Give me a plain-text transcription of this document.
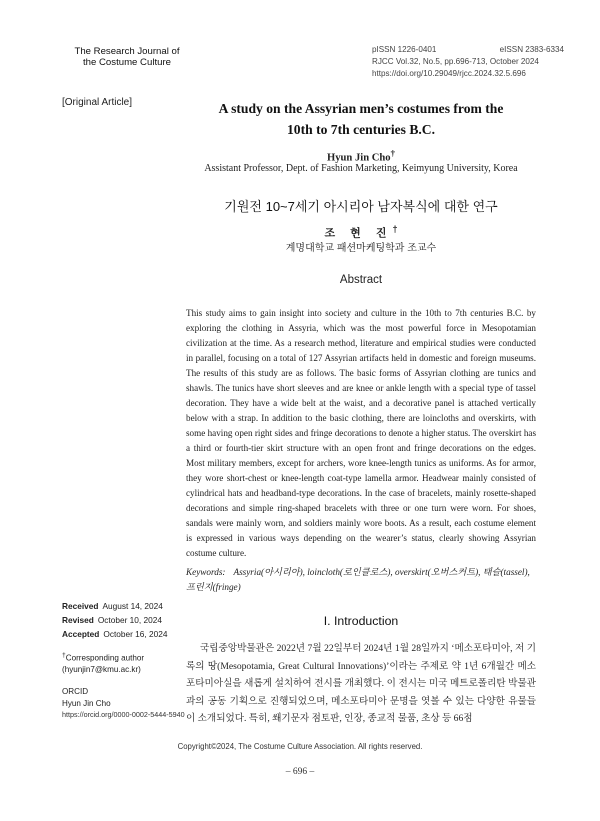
The Research Journal of
the Costume Culture
pISSN 1226-0401	eISSN 2383-6334
RJCC Vol.32, No.5, pp.696-713, October 2024
https://doi.org/10.29049/rjcc.2024.32.5.696
[Original Article]	A study on the Assyrian men’s costumes from the
10th to 7th centuries B.C.
Hyun Jin Cho†
Assistant Professor, Dept. of Fashion Marketing, Keimyung University, Korea
기원전 10~7세기 아시리아 남자복식에 대한 연구
조 현 진†
계명대학교 패션마케팅학과 조교수
Abstract
This study aims to gain insight into society and culture in the 10th to 7th centuries B.C. by exploring the clothing in Assyria, which was the most powerful force in Mesopotamian civilization at the time. As a research method, literature and empirical studies were conducted in parallel, focusing on a total of 127 Assyrian artifacts held in domestic and foreign museums. The results of this study are as follows. The basic forms of Assyrian clothing are tunics and shawls. The tunics have short sleeves and are knee or ankle length with a special type of tassel decoration. They have a wide belt at the waist, and a decorative panel is attached vertically below with a strap. In addition to the basic clothing, there are loincloths and overskirts, with some having open right sides and fringe decorations to denote a higher status. The overskirt has a third or fourth-tier skirt structure with an open front and fringe decorations on the edges. Most military members, except for archers, wore knee-length tunics as uniforms. As for armor, they wore short-chest or knee-length coat-type lamella armor. Headwear mainly consisted of cylindrical hats and headband-type decorations. In the case of bracelets, mainly rosette-shaped decorations and simple ring-shaped bracelets with three or one turn were worn. For shoes, sandals were mainly worn, and soldiers mainly wore boots. As a result, each costume element is expressed in various ways depending on the wearer’s status, clearly showing Assyrian costume culture.
Keywords: Assyria(아시리아), loincloth(로인클로스), overskirt(오버스커트), 태슬(tassel), 프린지(fringe)
Received August 14, 2024
Revised October 10, 2024
Accepted October 16, 2024
†Corresponding author
(hyunjin7@kmu.ac.kr)
ORCID
Hyun Jin Cho
https://orcid.org/0000-0002-5444-5940
I. Introduction
국립중앙박물관은 2022년 7월 22일부터 2024년 1월 28일까지 ‘메소포타미아, 저 기록의 땅(Mesopotamia, Great Cultural Innovations)’이라는 주제로 약 1년 6개월간 메소포타미아실을 새롭게 설치하여 전시를 개최했다. 이 전시는 미국 메트로폴리탄 박물관과의 공동 기획으로 진행되었으며, 메소포타미아 문명을 엿볼 수 있는 다양한 유물들이 소개되었다. 특히, 쐐기문자 점토판, 인장, 종교적 물품, 초상 등 66점
Copyright©2024, The Costume Culture Association. All rights reserved.
– 696 –
